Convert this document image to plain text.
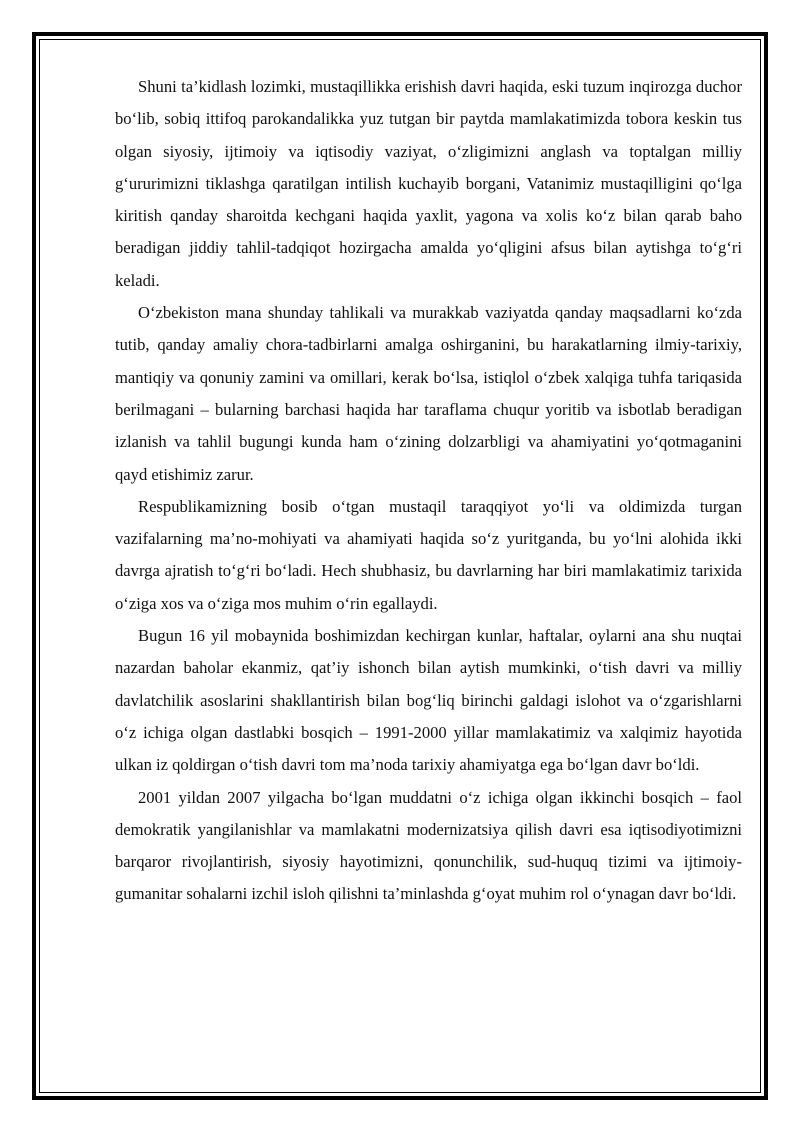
Shuni ta’kidlash lozimki, mustaqillikka erishish davri haqida, eski tuzum inqirozga duchor bo‘lib, sobiq ittifoq parokandalikka yuz tutgan bir paytda mamlakatimizda tobora keskin tus olgan siyosiy, ijtimoiy va iqtisodiy vaziyat, o‘zligimizni anglash va toptalgan milliy g‘ururimizni tiklashga qaratilgan intilish kuchayib borgani, Vatanimiz mustaqilligini qo‘lga kiritish qanday sharoitda kechgani haqida yaxlit, yagona va xolis ko‘z bilan qarab baho beradigan jiddiy tahlil-tadqiqot hozirgacha amalda yo‘qligini afsus bilan aytishga to‘g‘ri keladi.

O‘zbekiston mana shunday tahlikali va murakkab vaziyatda qanday maqsadlarni ko‘zda tutib, qanday amaliy chora-tadbirlarni amalga oshirganini, bu harakatlarning ilmiy-tarixiy, mantiqiy va qonuniy zamini va omillari, kerak bo‘lsa, istiqlol o‘zbek xalqiga tuhfa tariqasida berilmagani – bularning barchasi haqida har taraflama chuqur yoritib va isbotlab beradigan izlanish va tahlil bugungi kunda ham o‘zining dolzarbligi va ahamiyatini yo‘qotmaganini qayd etishimiz zarur.

Respublikamizning bosib o‘tgan mustaqil taraqqiyot yo‘li va oldimizda turgan vazifalarning ma’no-mohiyati va ahamiyati haqida so‘z yuritganda, bu yo‘lni alohida ikki davrga ajratish to‘g‘ri bo‘ladi. Hech shubhasiz, bu davrlarning har biri mamlakatimiz tarixida o‘ziga xos va o‘ziga mos muhim o‘rin egallaydi.

Bugun 16 yil mobaynida boshimizdan kechirgan kunlar, haftalar, oylarni ana shu nuqtai nazardan baholar ekanmiz, qat’iy ishonch bilan aytish mumkinki, o‘tish davri va milliy davlatchilik asoslarini shakllantirish bilan bog‘liq birinchi galdagi islohot va o‘zgarishlarni o‘z ichiga olgan dastlabki bosqich – 1991-2000 yillar mamlakatimiz va xalqimiz hayotida ulkan iz qoldirgan o‘tish davri tom ma’noda tarixiy ahamiyatga ega bo‘lgan davr bo‘ldi.

2001 yildan 2007 yilgacha bo‘lgan muddatni o‘z ichiga olgan ikkinchi bosqich – faol demokratik yangilanishlar va mamlakatni modernizatsiya qilish davri esa iqtisodiyotimizni barqaror rivojlantirish, siyosiy hayotimizni, qonunchilik, sud-huquq tizimi va ijtimoiy-gumanitar sohalarni izchil isloh qilishni ta’minlashda g‘oyat muhim rol o‘ynagan davr bo‘ldi.
